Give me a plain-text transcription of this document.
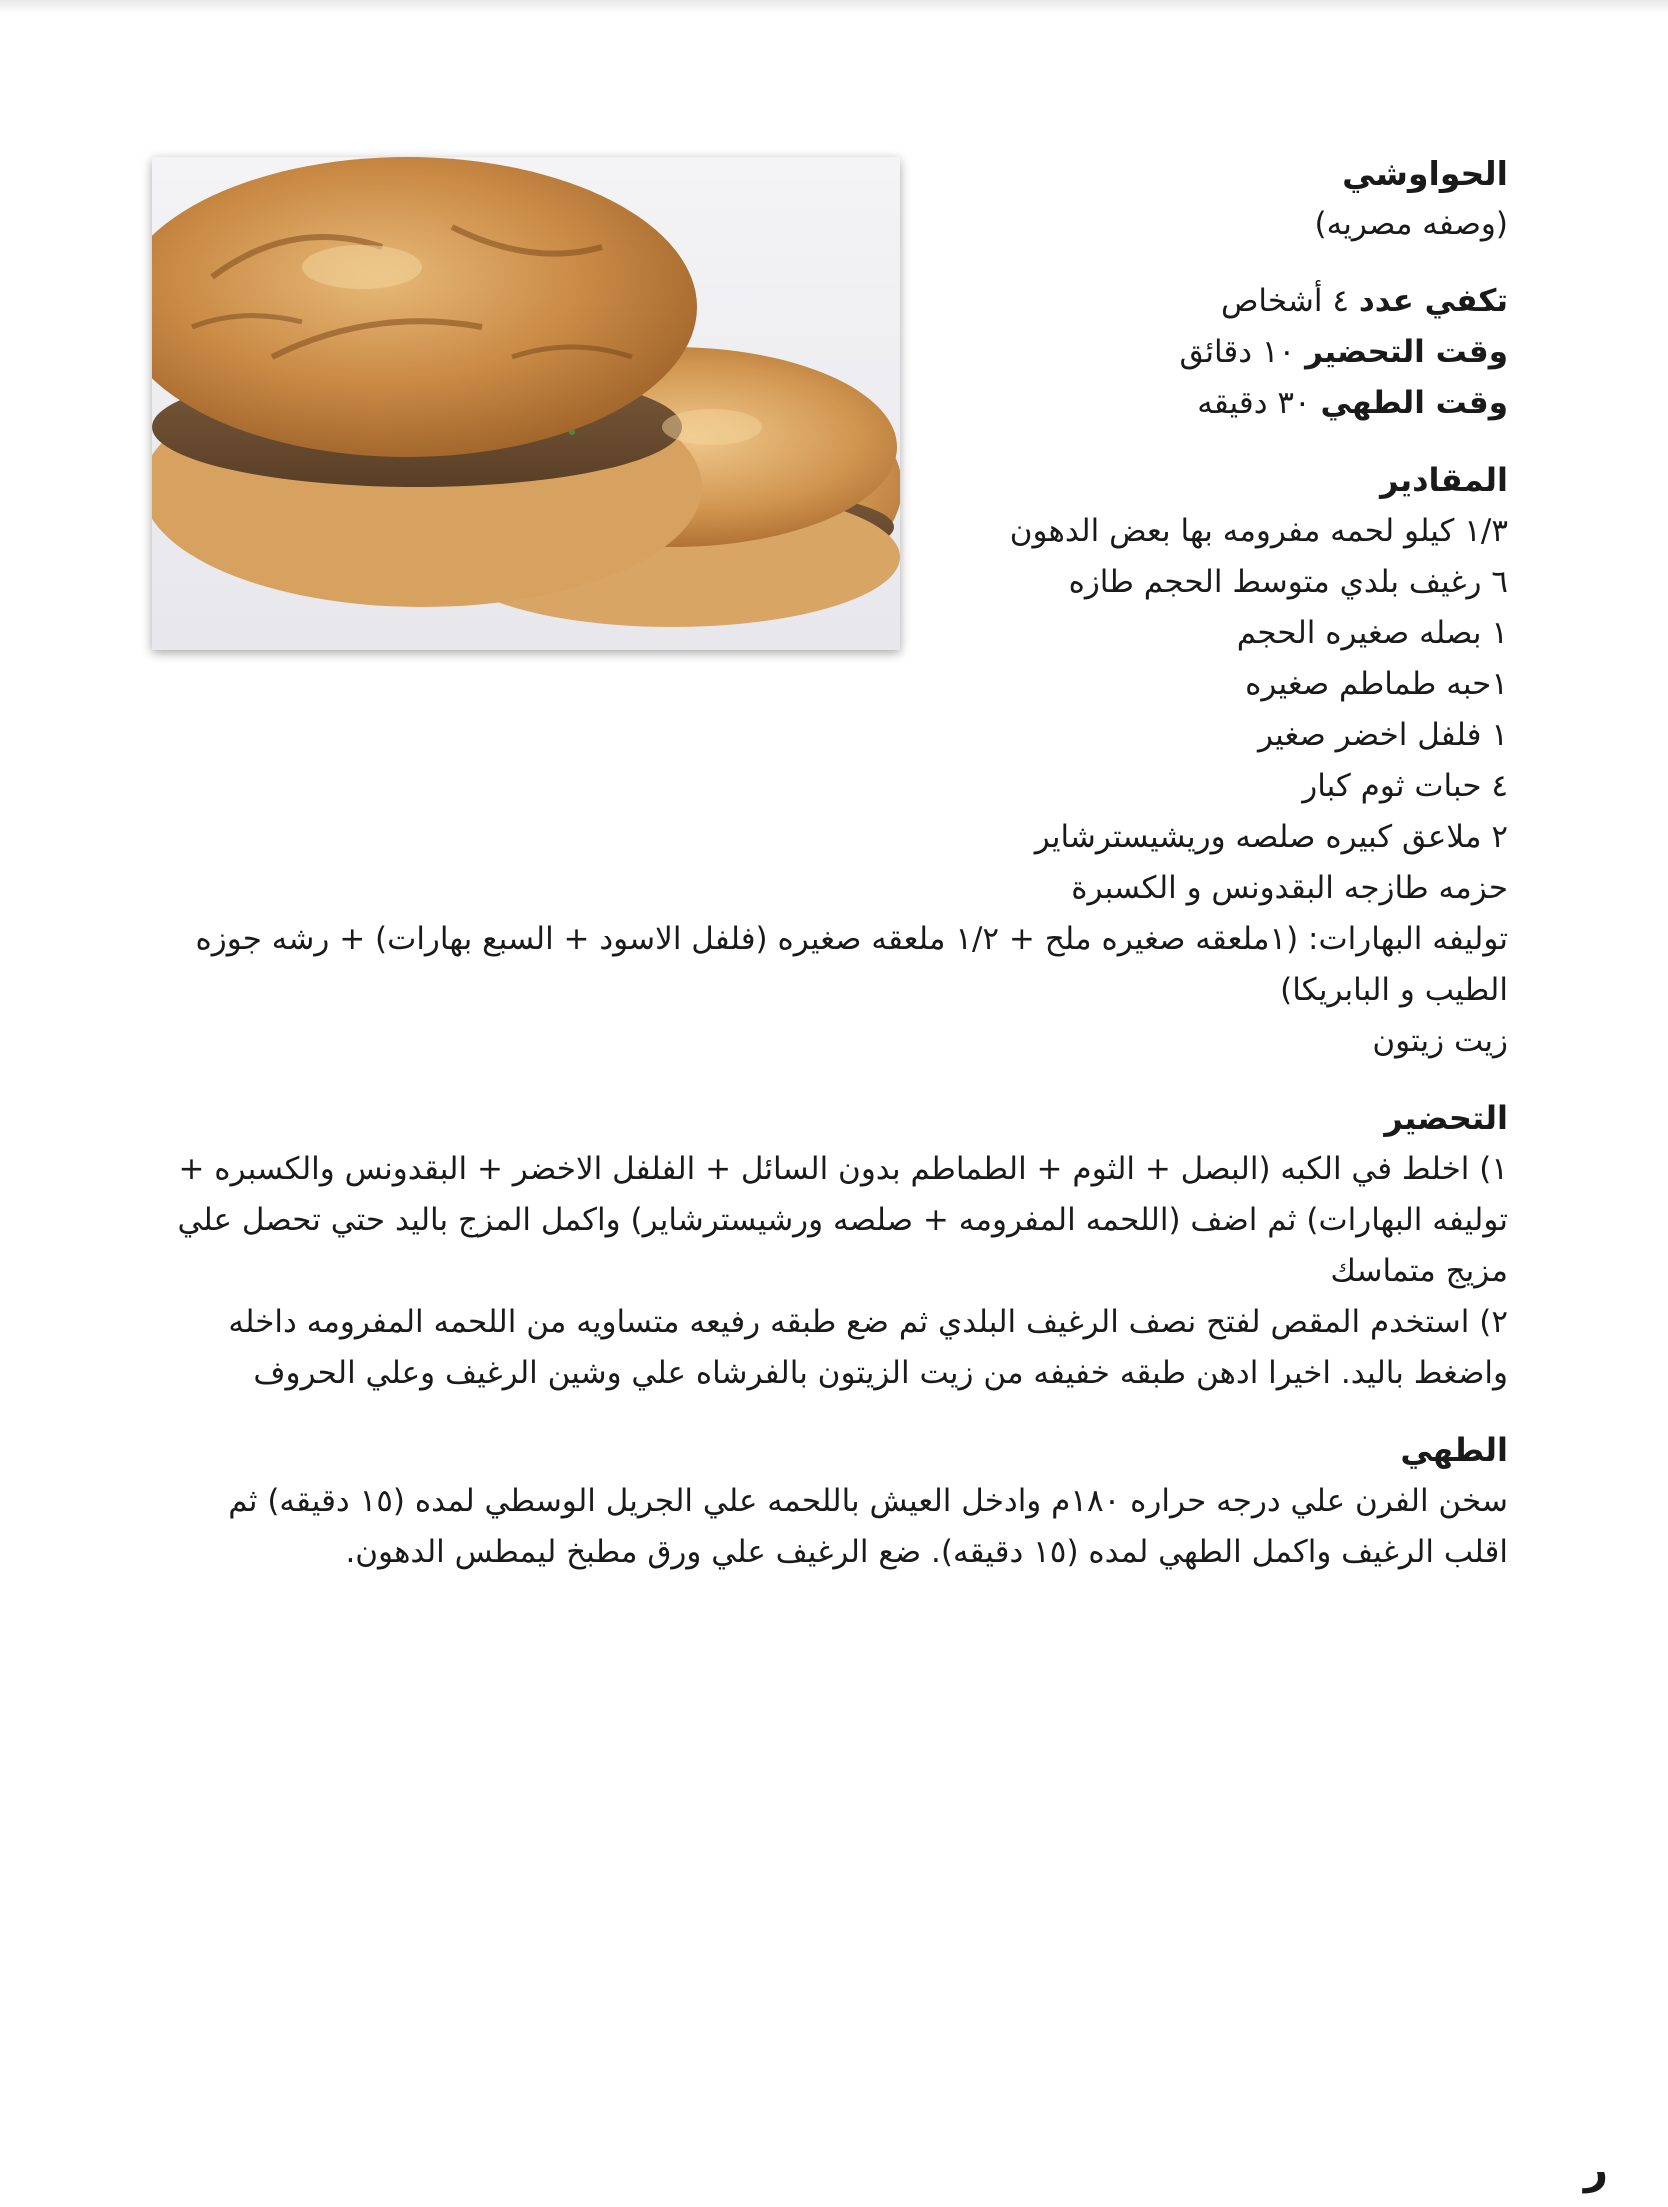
الحواوشي
(وصفه مصريه)
تكفي عدد ٤ أشخاص
وقت التحضير ١٠ دقائق
وقت الطهي ٣٠ دقيقه
المقادير
١/٣ كيلو لحمه مفرومه بها بعض الدهون
٦ رغيف بلدي متوسط الحجم طازه
١ بصله صغيره الحجم
١حبه طماطم صغيره
١ فلفل اخضر صغير
٤ حبات ثوم كبار
٢ ملاعق كبيره صلصه وريشيسترشاير
حزمه طازجه البقدونس و الكسبرة
توليفه البهارات: (١ملعقه صغيره ملح + ١/٢ ملعقه صغيره (فلفل الاسود + السبع بهارات) + رشه جوزه الطيب و البابريكا)
زيت زيتون
التحضير
١) اخلط في الكبه (البصل + الثوم + الطماطم بدون السائل + الفلفل الاخضر + البقدونس والكسبره + توليفه البهارات) ثم اضف (اللحمه المفرومه + صلصه ورشيسترشاير) واكمل المزج باليد حتي تحصل علي مزيج متماسك
٢) استخدم المقص لفتح نصف الرغيف البلدي ثم ضع طبقه رفيعه متساويه من اللحمه المفرومه داخله واضغط باليد. اخيرا ادهن طبقه خفيفه من زيت الزيتون بالفرشاه علي وشين الرغيف وعلي الحروف
الطهي
سخن الفرن علي درجه حراره ١٨٠م وادخل العيش باللحمه علي الجريل الوسطي لمده (١٥ دقيقه) ثم اقلب الرغيف واكمل الطهي لمده (١٥ دقيقه). ضع الرغيف علي ورق مطبخ ليمطس الدهون.
ر
